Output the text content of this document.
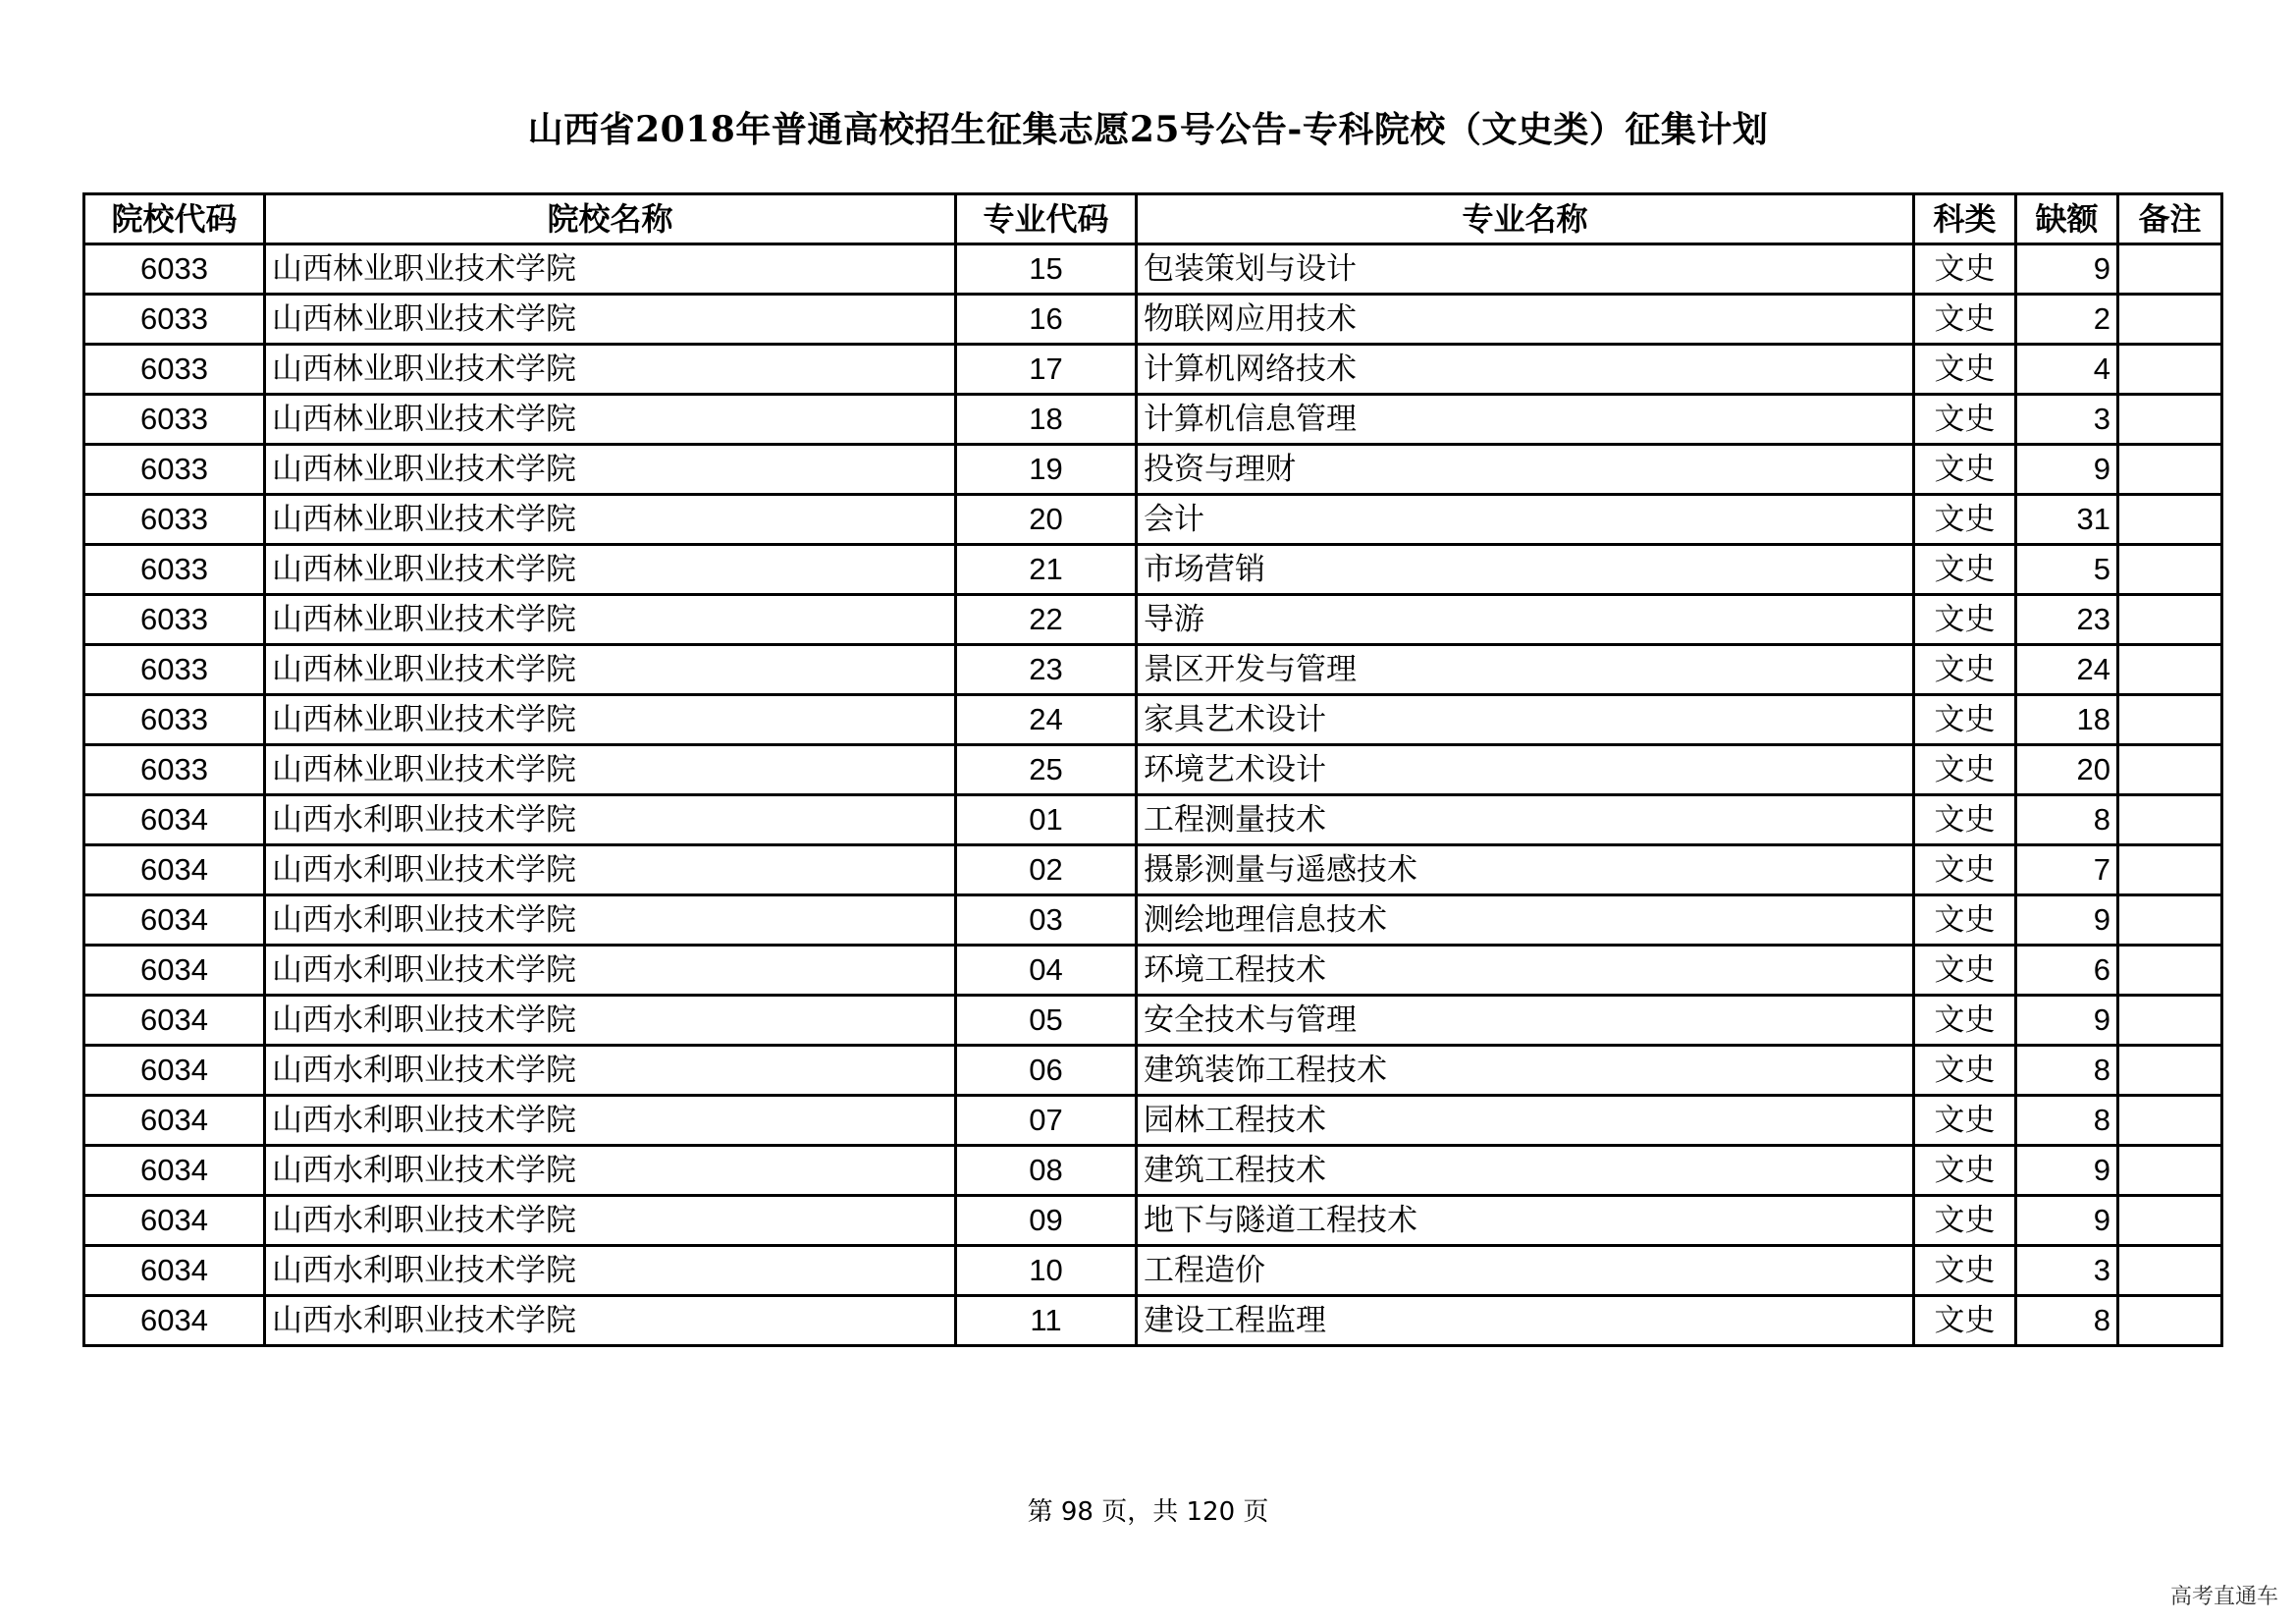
山西省2018年普通高校招生征集志愿25号公告-专科院校（文史类）征集计划
院校代码	院校名称	专业代码	专业名称	科类	缺额	备注
6033	山西林业职业技术学院	15	包装策划与设计	文史	9	
6033	山西林业职业技术学院	16	物联网应用技术	文史	2	
6033	山西林业职业技术学院	17	计算机网络技术	文史	4	
6033	山西林业职业技术学院	18	计算机信息管理	文史	3	
6033	山西林业职业技术学院	19	投资与理财	文史	9	
6033	山西林业职业技术学院	20	会计	文史	31	
6033	山西林业职业技术学院	21	市场营销	文史	5	
6033	山西林业职业技术学院	22	导游	文史	23	
6033	山西林业职业技术学院	23	景区开发与管理	文史	24	
6033	山西林业职业技术学院	24	家具艺术设计	文史	18	
6033	山西林业职业技术学院	25	环境艺术设计	文史	20	
6034	山西水利职业技术学院	01	工程测量技术	文史	8	
6034	山西水利职业技术学院	02	摄影测量与遥感技术	文史	7	
6034	山西水利职业技术学院	03	测绘地理信息技术	文史	9	
6034	山西水利职业技术学院	04	环境工程技术	文史	6	
6034	山西水利职业技术学院	05	安全技术与管理	文史	9	
6034	山西水利职业技术学院	06	建筑装饰工程技术	文史	8	
6034	山西水利职业技术学院	07	园林工程技术	文史	8	
6034	山西水利职业技术学院	08	建筑工程技术	文史	9	
6034	山西水利职业技术学院	09	地下与隧道工程技术	文史	9	
6034	山西水利职业技术学院	10	工程造价	文史	3	
6034	山西水利职业技术学院	11	建设工程监理	文史	8	
第 98 页，共 120 页
高考直通车
